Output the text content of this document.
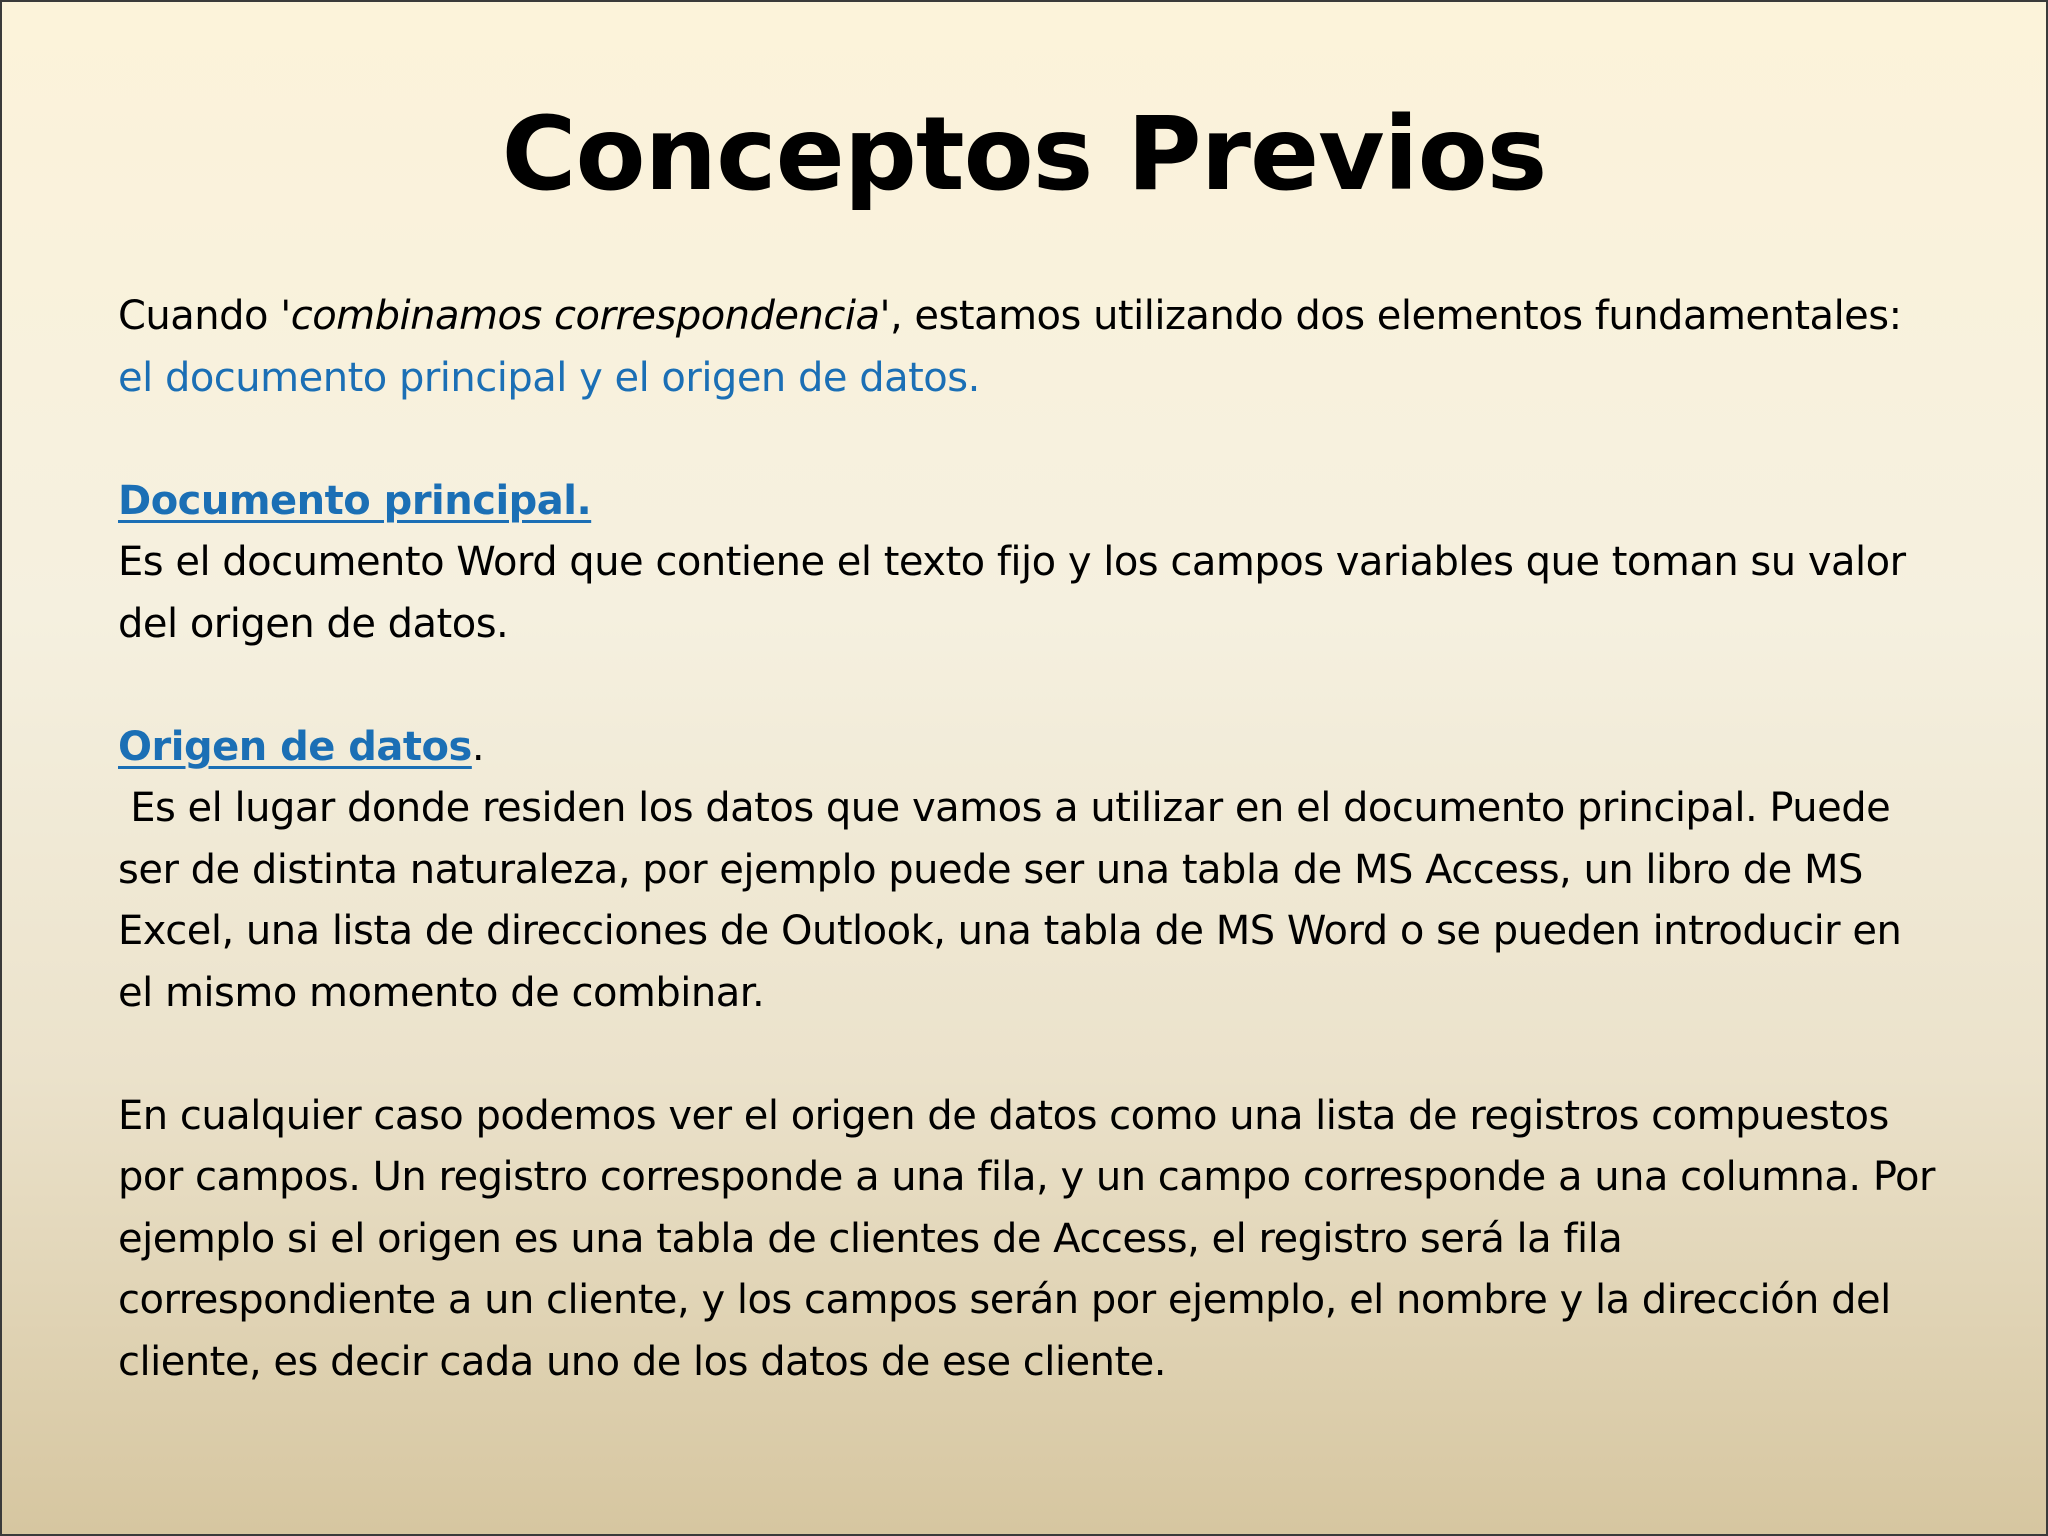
Conceptos Previos

Cuando 'combinamos correspondencia', estamos utilizando dos elementos fundamentales: el documento principal y el origen de datos.

Documento principal.

Es el documento Word que contiene el texto fijo y los campos variables que toman su valor del origen de datos.

Origen de datos.

Es el lugar donde residen los datos que vamos a utilizar en el documento principal. Puede ser de distinta naturaleza, por ejemplo puede ser una tabla de MS Access, un libro de MS Excel, una lista de direcciones de Outlook, una tabla de MS Word o se pueden introducir en el mismo momento de combinar.

En cualquier caso podemos ver el origen de datos como una lista de registros compuestos por campos. Un registro corresponde a una fila, y un campo corresponde a una columna. Por ejemplo si el origen es una tabla de clientes de Access, el registro será la fila correspondiente a un cliente, y los campos serán por ejemplo, el nombre y la dirección del cliente, es decir cada uno de los datos de ese cliente.
